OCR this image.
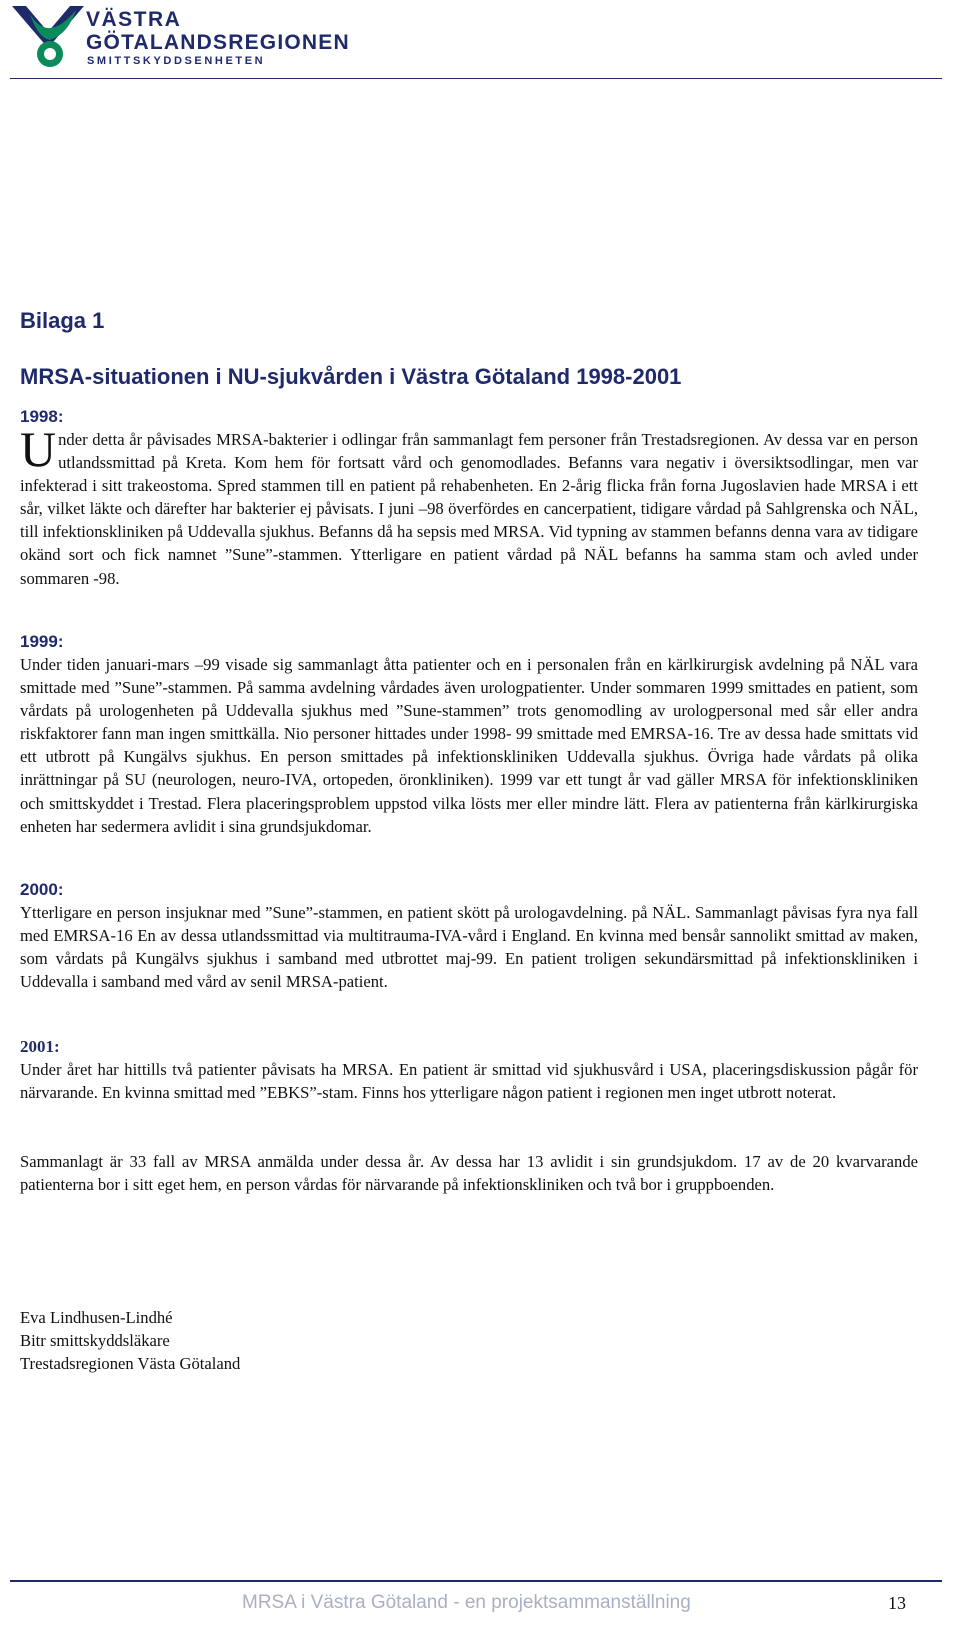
VÄSTRA
GÖTALANDSREGIONEN
SMITTSKYDDSENHETEN
Bilaga 1
MRSA-situationen i NU-sjukvården i Västra Götaland 1998-2001
1998:

Under detta år påvisades MRSA-bakterier i odlingar från sammanlagt fem personer från Trestadsregionen. Av dessa var en person utlandssmittad på Kreta. Kom hem för fortsatt vård och genomodlades. Befanns vara negativ i översiktsodlingar, men var infekterad i sitt trakeostoma. Spred stammen till en patient på rehabenheten. En 2-årig flicka från forna Jugoslavien hade MRSA i ett sår, vilket läkte och därefter har bakterier ej påvisats. I juni –98 överfördes en cancerpatient, tidigare vårdad på Sahlgrenska och NÄL, till infektionskliniken på Uddevalla sjukhus. Befanns då ha sepsis med MRSA. Vid typning av stammen befanns denna vara av tidigare okänd sort och fick namnet ”Sune”-stammen. Ytterligare en patient vårdad på NÄL befanns ha samma stam och avled under sommaren -98.

1999:

Under tiden januari-mars –99 visade sig sammanlagt åtta patienter och en i personalen från en kärlkirurgisk avdelning på NÄL vara smittade med ”Sune”-stammen. På samma avdelning vårdades även urologpatienter. Under sommaren 1999 smittades en patient, som vårdats på urologenheten på Uddevalla sjukhus med ”Sune-stammen” trots genomodling av urologpersonal med sår eller andra riskfaktorer fann man ingen smittkälla. Nio personer hittades under 1998- 99 smittade med EMRSA-16. Tre av dessa hade smittats vid ett utbrott på Kungälvs sjukhus. En person smittades på infektionskliniken Uddevalla sjukhus. Övriga hade vårdats på olika inrättningar på SU (neurologen, neuro-IVA, ortopeden, öronkliniken). 1999 var ett tungt år vad gäller MRSA för infektionskliniken och smittskyddet i Trestad. Flera placeringsproblem uppstod vilka lösts mer eller mindre lätt. Flera av patienterna från kärlkirurgiska enheten har sedermera avlidit i sina grundsjukdomar.

2000:

Ytterligare en person insjuknar med ”Sune”-stammen, en patient skött på urologavdelning. på NÄL. Sammanlagt påvisas fyra nya fall med EMRSA-16 En av dessa utlandssmittad via multitrauma-IVA-vård i England. En kvinna med bensår sannolikt smittad av maken, som vårdats på Kungälvs sjukhus i samband med utbrottet maj-99. En patient troligen sekundärsmittad på infektionskliniken i Uddevalla i samband med vård av senil MRSA-patient.

2001:

Under året har hittills två patienter påvisats ha MRSA. En patient är smittad vid sjukhusvård i USA, placeringsdiskussion pågår för närvarande. En kvinna smittad med ”EBKS”-stam. Finns hos ytterligare någon patient i regionen men inget utbrott noterat.

Sammanlagt är 33 fall av MRSA anmälda under dessa år. Av dessa har 13 avlidit i sin grundsjukdom. 17 av de 20 kvarvarande patienterna bor i sitt eget hem, en person vårdas för närvarande på infektionskliniken och två bor i gruppboenden.

Eva Lindhusen-Lindhé
Bitr smittskyddsläkare
Trestadsregionen Västa Götaland
MRSA i Västra Götaland - en projektsammanställning	13
